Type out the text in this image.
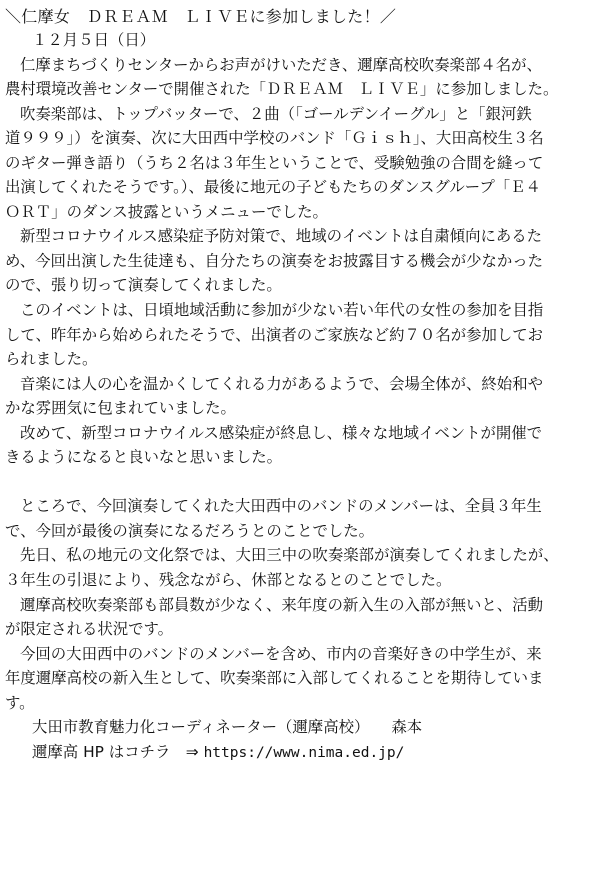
＼仁摩女　ＤＲＥＡＭ　ＬＩＶＥに参加しました！／
１２月５日（日）
仁摩まちづくりセンターからお声がけいただき、邇摩高校吹奏楽部４名が、
農村環境改善センターで開催された「ＤＲＥＡＭ　ＬＩＶＥ」に参加しました。
吹奏楽部は、トップバッターで、２曲（「ゴールデンイーグル」と「銀河鉄
道９９９」）を演奏、次に大田西中学校のバンド「Ｇｉｓｈ」、大田高校生３名
のギター弾き語り（うち２名は３年生ということで、受験勉強の合間を縫って
出演してくれたそうです。）、最後に地元の子どもたちのダンスグループ「Ｅ４
ＯＲＴ」のダンス披露というメニューでした。
新型コロナウイルス感染症予防対策で、地域のイベントは自粛傾向にあるた
め、今回出演した生徒達も、自分たちの演奏をお披露目する機会が少なかった
ので、張り切って演奏してくれました。
このイベントは、日頃地域活動に参加が少ない若い年代の女性の参加を目指
して、昨年から始められたそうで、出演者のご家族など約７０名が参加してお
られました。
音楽には人の心を温かくしてくれる力があるようで、会場全体が、終始和や
かな雰囲気に包まれていました。
改めて、新型コロナウイルス感染症が終息し、様々な地域イベントが開催で
きるようになると良いなと思いました。
ところで、今回演奏してくれた大田西中のバンドのメンバーは、全員３年生
で、今回が最後の演奏になるだろうとのことでした。
先日、私の地元の文化祭では、大田三中の吹奏楽部が演奏してくれましたが、
３年生の引退により、残念ながら、休部となるとのことでした。
邇摩高校吹奏楽部も部員数が少なく、来年度の新入生の入部が無いと、活動
が限定される状況です。
今回の大田西中のバンドのメンバーを含め、市内の音楽好きの中学生が、来
年度邇摩高校の新入生として、吹奏楽部に入部してくれることを期待していま
す。
大田市教育魅力化コーディネーター（邇摩高校） 森本
邇摩高 HP はコチラ　⇒ https://www.nima.ed.jp/
